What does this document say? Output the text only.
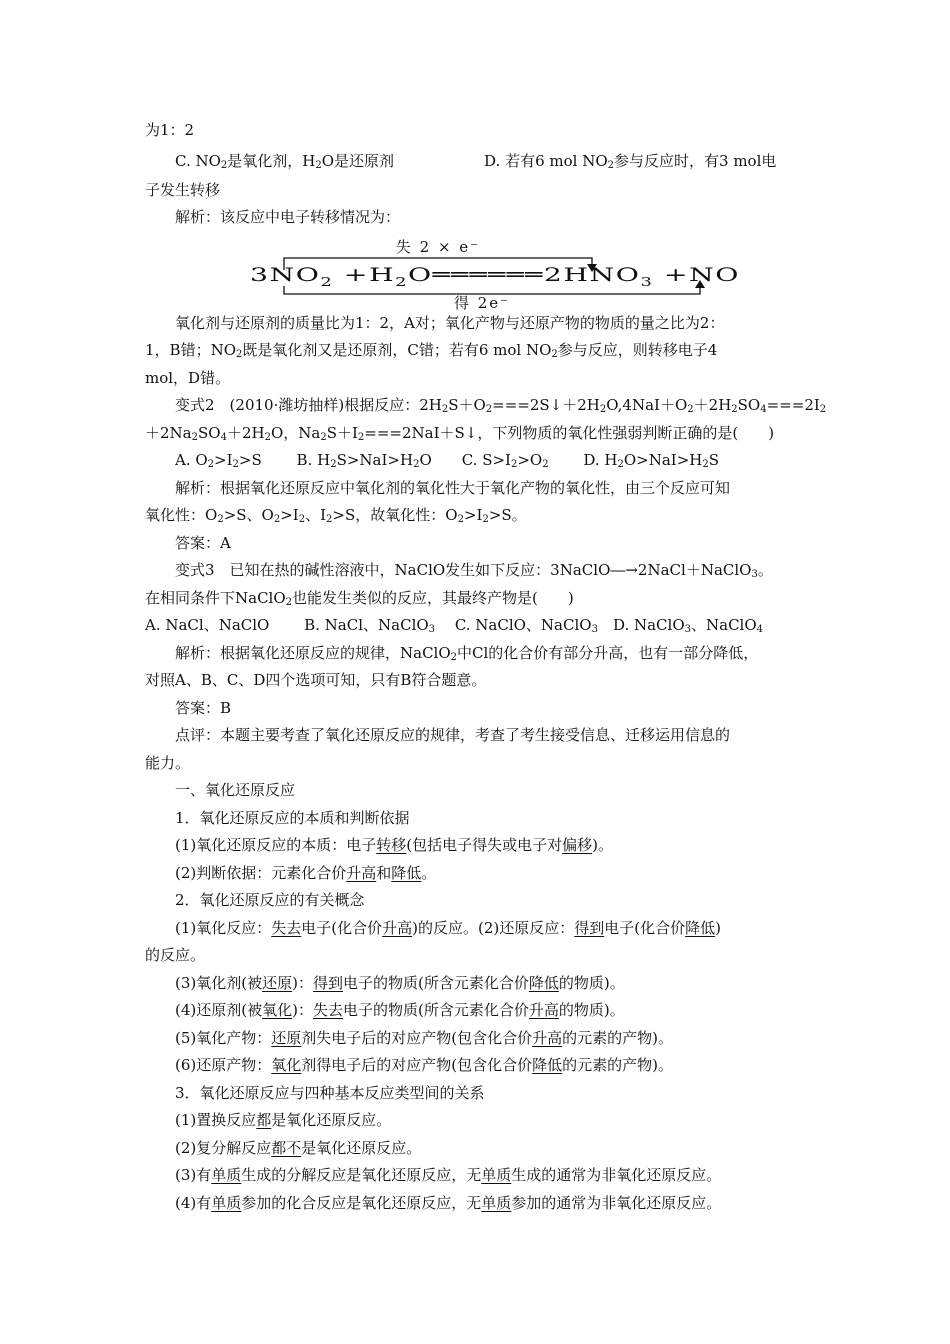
为1：2
C. $NO_2$是氧化剂，$H_2O$是还原剂　　　　　　D. 若有6 mol $NO_2$参与反应时，有3 mol电
子发生转移
解析：该反应中电子转移情况为：
失 2 × e⁻
3NO $_2$ +H $_2$ O ══════ 2HNO	$_3$ +NO
得 2e⁻
氧化剂与还原剂的质量比为1：2，A对；氧化产物与还原产物的物质的量之比为2：
1，B错；$NO_2$既是氧化剂又是还原剂，C错；若有6 mol $NO_2$参与反应，则转移电子4
mol，D错。
变式2　(2010·潍坊抽样)根据反应：$2H_2S+O_2===2S↓+2H_2O,4NaI+O_2+2H_2SO_4===2I_2$
$+2Na_2SO_4+2H_2O$，$Na_2S+I_2===2NaI+S↓$，下列物质的氧化性强弱判断正确的是(　　)
A. $O_2>I_2>S$　　 B. $H_2S>NaI>H_2O$　　C. $S>I_2>O_2$　　 D. $H_2O>NaI>H_2S$
解析：根据氧化还原反应中氧化剂的氧化性大于氧化产物的氧化性，由三个反应可知
氧化性：$O_2>S$、$O_2>I_2$、$I_2>S$，故氧化性：$O_2>I_2>S$。
答案：A
变式3　已知在热的碱性溶液中，NaClO发生如下反应：3NaClO―→2NaCl＋NaClO$_3$。
在相同条件下NaClO$_2$也能发生类似的反应，其最终产物是(　　)
A. NaCl、NaClO　　 B. NaCl、NaClO$_3$　 C. NaClO、NaClO$_3$　D. NaClO$_3$、NaClO$_4$
解析：根据氧化还原反应的规律，NaClO$_2$中Cl的化合价有部分升高，也有一部分降低，
对照A、B、C、D四个选项可知，只有B符合题意。
答案：B
点评：本题主要考查了氧化还原反应的规律，考查了考生接受信息、迁移运用信息的
能力。
一、氧化还原反应
1．氧化还原反应的本质和判断依据
(1)氧化还原反应的本质：电子转移(包括电子得失或电子对偏移)。
(2)判断依据：元素化合价升高和降低。
2．氧化还原反应的有关概念
(1)氧化反应：失去电子(化合价升高)的反应。(2)还原反应：得到电子(化合价降低)
的反应。
(3)氧化剂(被还原)：得到电子的物质(所含元素化合价降低的物质)。
(4)还原剂(被氧化)：失去电子的物质(所含元素化合价升高的物质)。
(5)氧化产物：还原剂失电子后的对应产物(包含化合价升高的元素的产物)。
(6)还原产物：氧化剂得电子后的对应产物(包含化合价降低的元素的产物)。
3．氧化还原反应与四种基本反应类型间的关系
(1)置换反应都是氧化还原反应。
(2)复分解反应都不是氧化还原反应。
(3)有单质生成的分解反应是氧化还原反应，无单质生成的通常为非氧化还原反应。
(4)有单质参加的化合反应是氧化还原反应，无单质参加的通常为非氧化还原反应。
